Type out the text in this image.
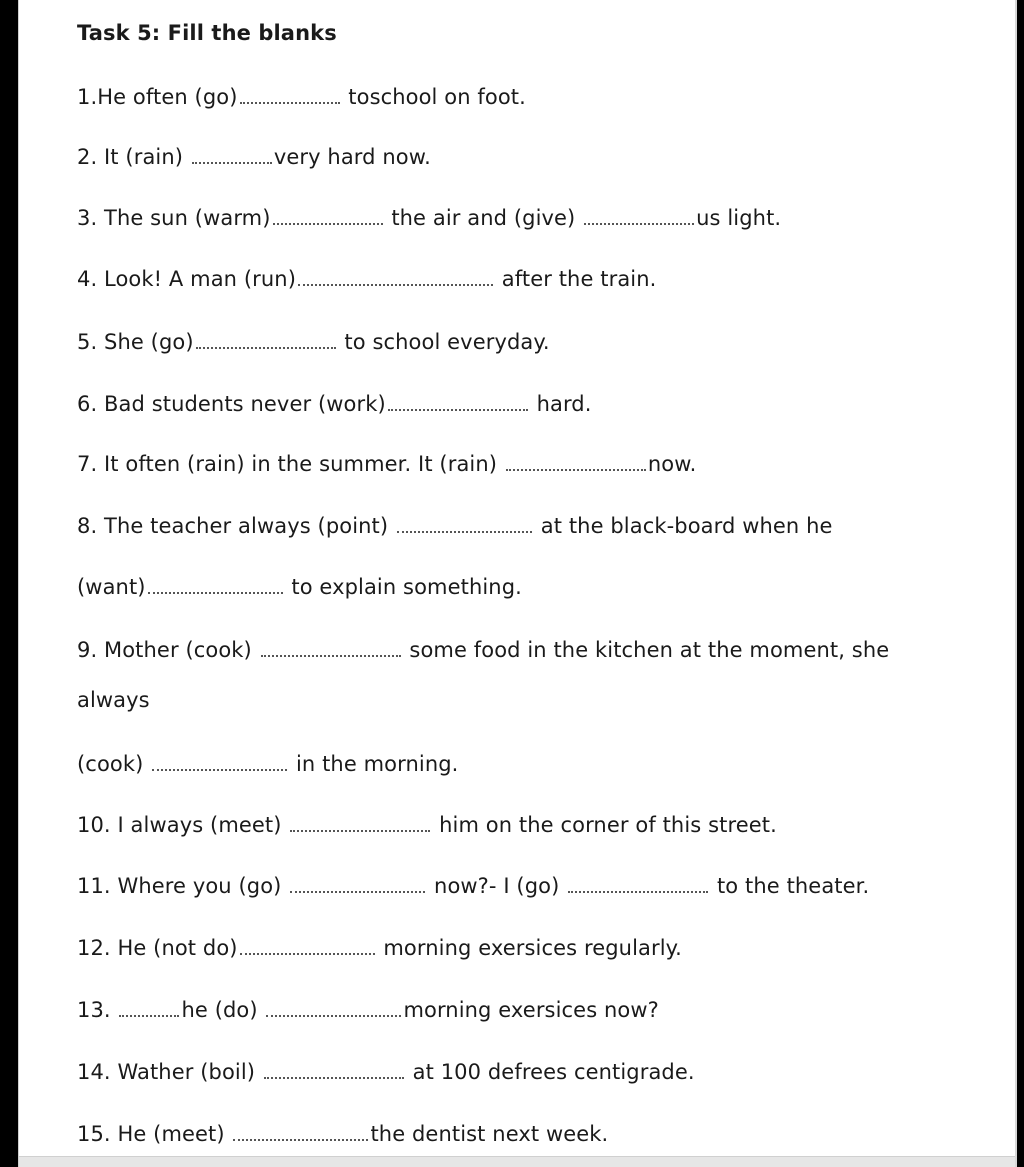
Task 5: Fill the blanks
1.He often (go)	toschool on foot.
2. It (rain)	very hard now.
3. The sun (warm)	the air and (give)	us light.
4. Look! A man (run)	after the train.
5. She (go)	to school everyday.
6. Bad students never (work)	hard.
7. It often (rain) in the summer. It (rain)	now.
8. The teacher always (point)	at the black-board when he
(want)	to explain something.
9. Mother (cook)	some food in the kitchen at the moment, she
always
(cook)	in the morning.
10. I always (meet)	him on the corner of this street.
11. Where you (go)	now?- I (go)	to the theater.
12. He (not do)	morning exersices regularly.
13.	he (do)	morning exersices now?
14. Wather (boil)	at 100 defrees centigrade.
15. He (meet)	the dentist next week.
